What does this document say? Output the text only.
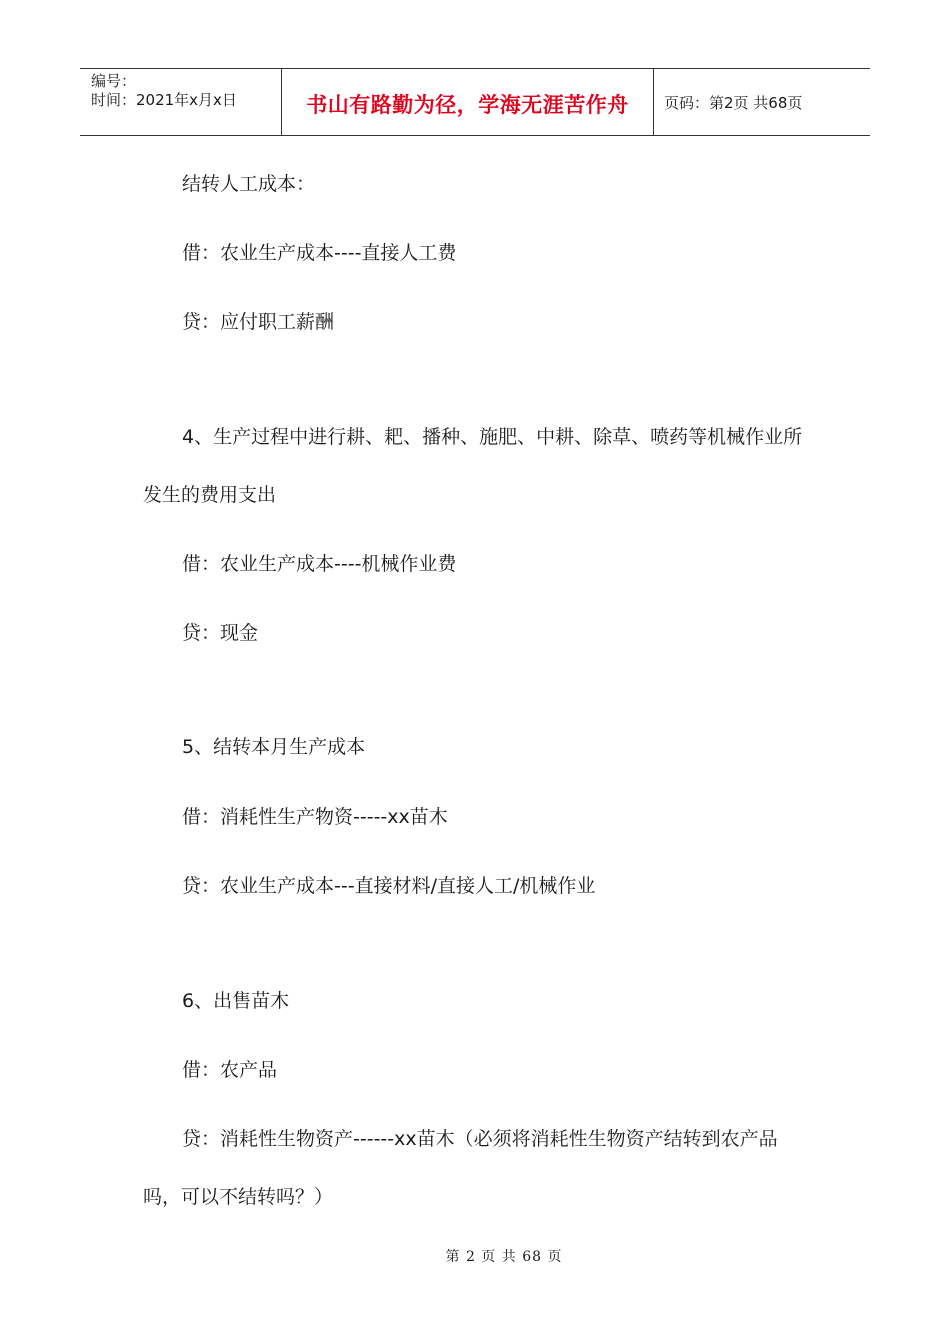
编号：
时间：2021年x月x日	书山有路勤为径，学海无涯苦作舟	页码：第2页 共68页
结转人工成本：
借：农业生产成本----直接人工费
贷：应付职工薪酬
4、生产过程中进行耕、耙、播种、施肥、中耕、除草、喷药等机械作业所
发生的费用支出
借：农业生产成本----机械作业费
贷：现金
5、结转本月生产成本
借：消耗性生产物资-----xx苗木
贷：农业生产成本---直接材料/直接人工/机械作业
6、出售苗木
借：农产品
贷：消耗性生物资产------xx苗木（必须将消耗性生物资产结转到农产品
吗，可以不结转吗？）
第 2 页 共 68 页
